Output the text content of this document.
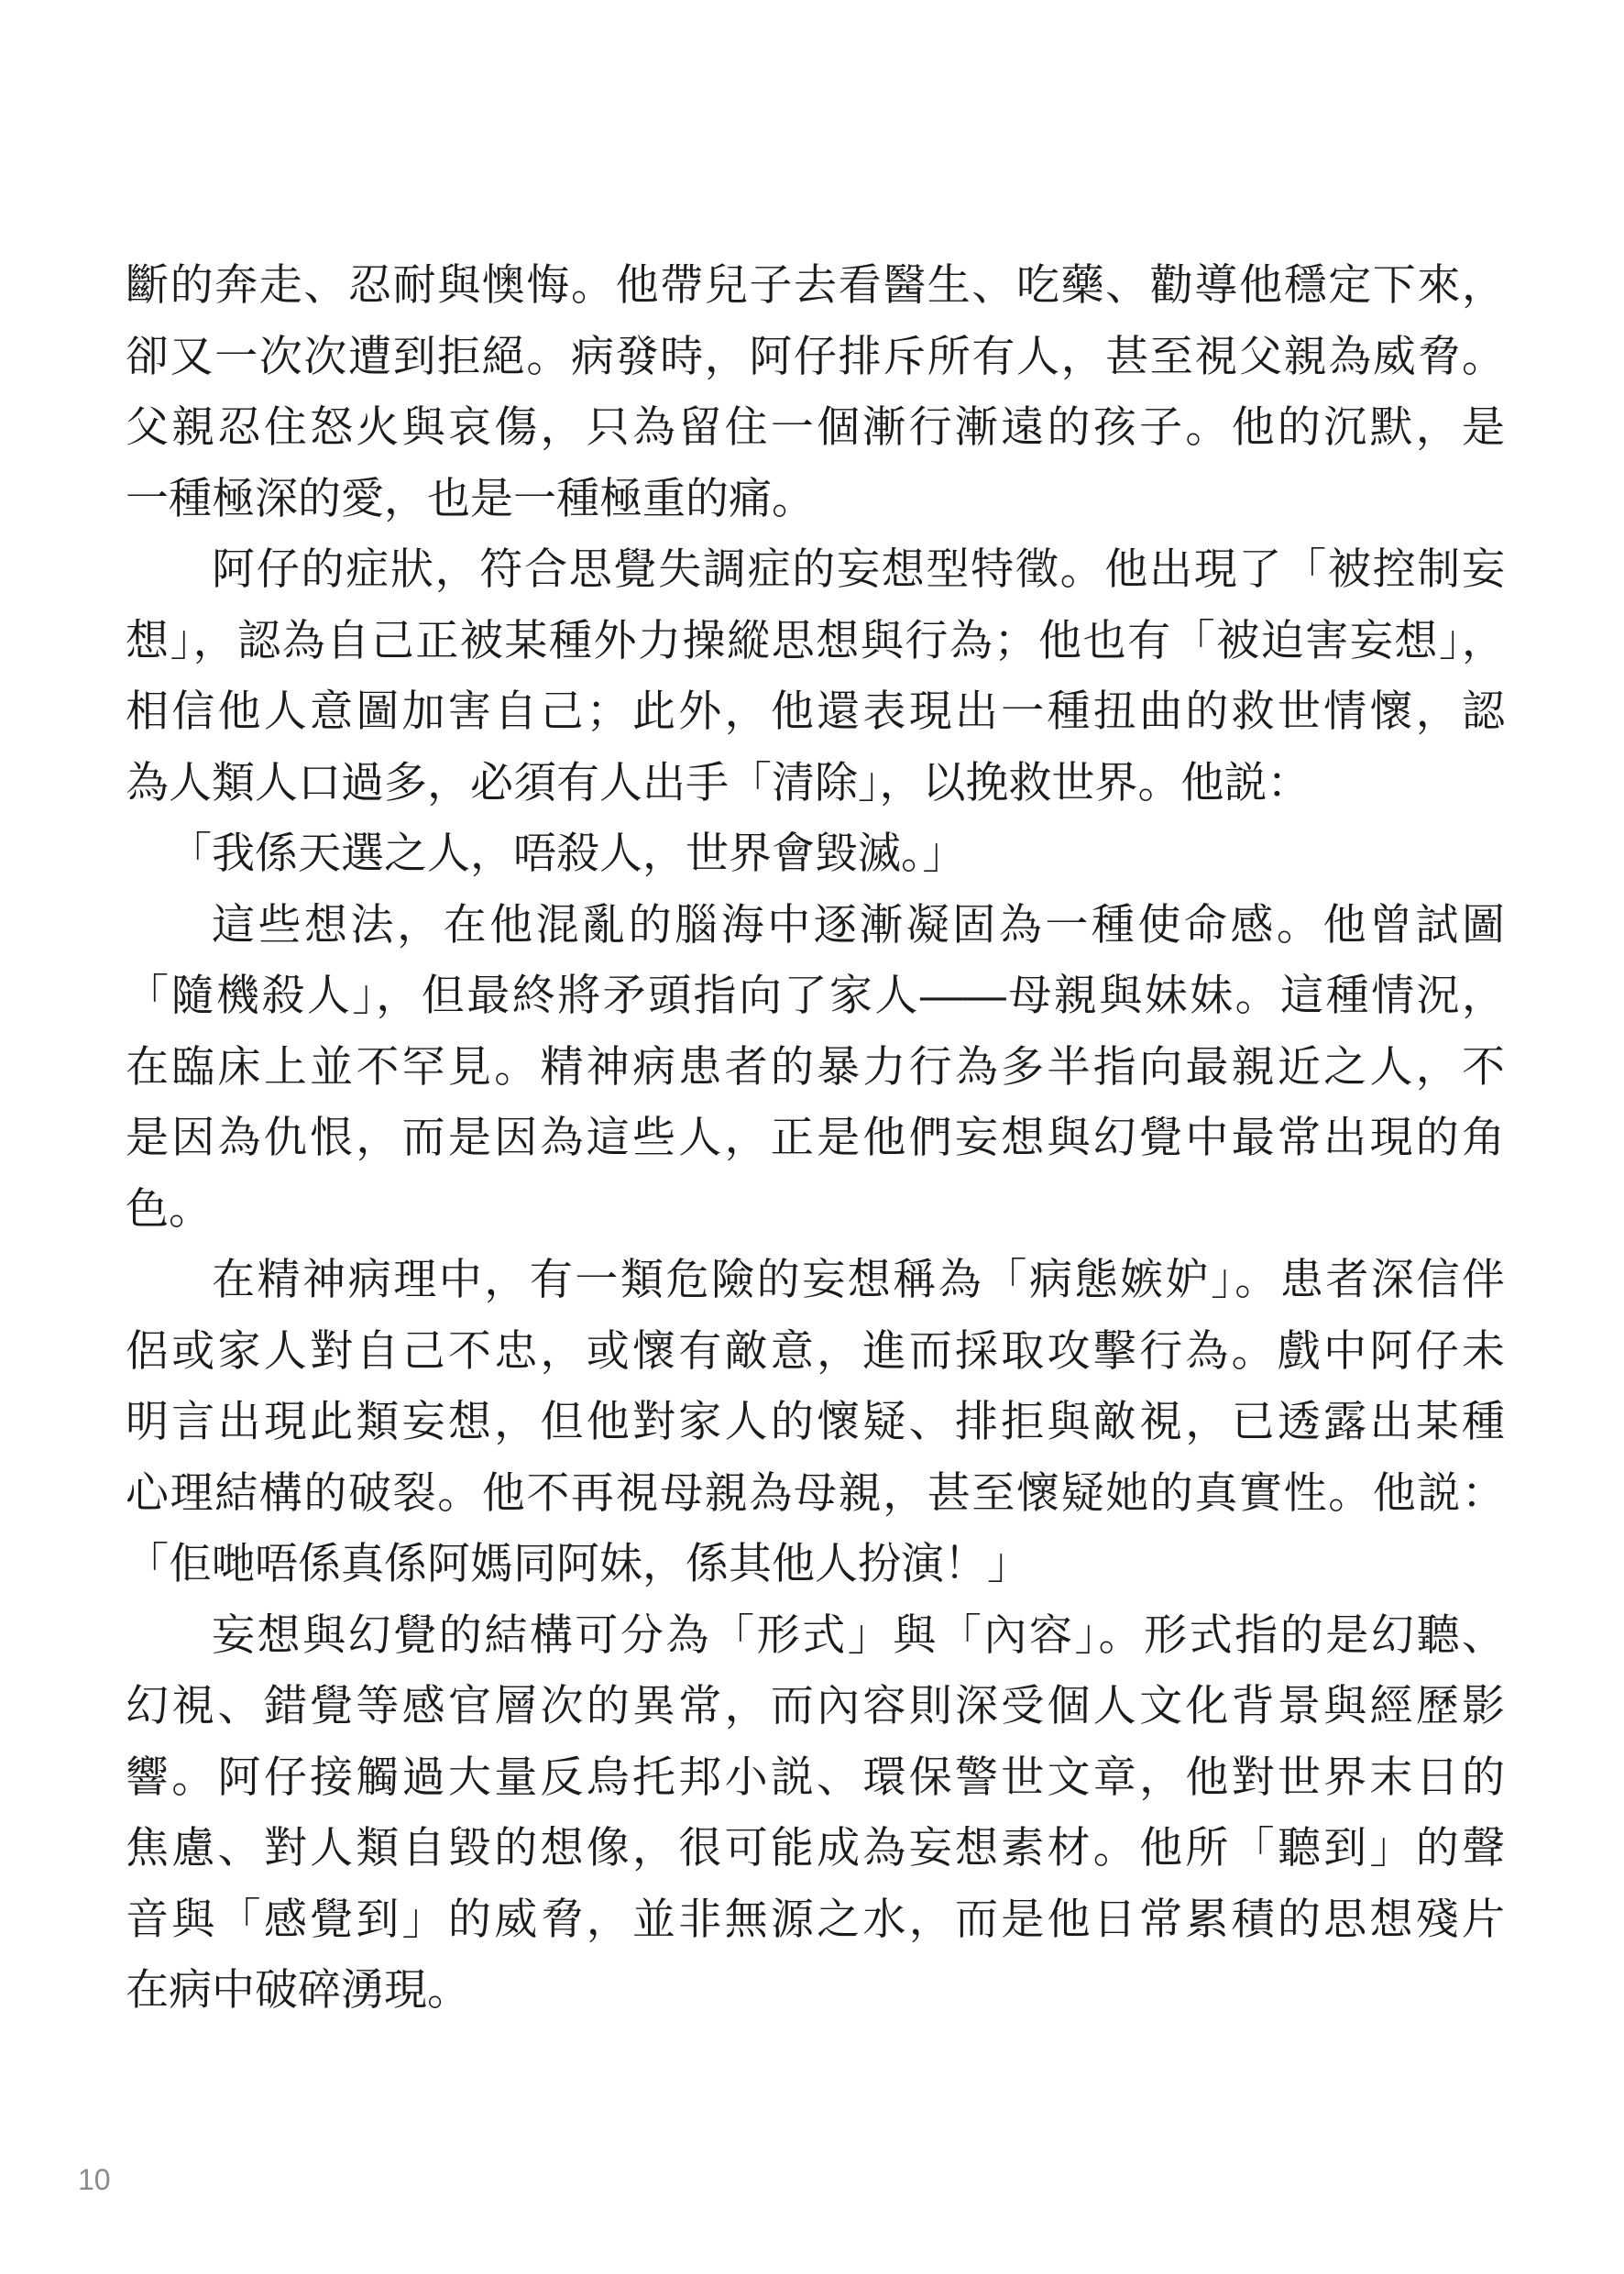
斷的奔走、忍耐與懊悔。他帶兒子去看醫生、吃藥、勸導他穩定下來，
卻又一次次遭到拒絕。病發時，阿仔排斥所有人，甚至視父親為威脅。
父親忍住怒火與哀傷，只為留住一個漸行漸遠的孩子。他的沉默，是
一種極深的愛，也是一種極重的痛。
阿仔的症狀，符合思覺失調症的妄想型特徵。他出現了「被控制妄
想」，認為自己正被某種外力操縱思想與行為；他也有「被迫害妄想」，
相信他人意圖加害自己；此外，他還表現出一種扭曲的救世情懷，認
為人類人口過多，必須有人出手「清除」，以挽救世界。他説：
「我係天選之人，唔殺人，世界會毀滅。」
這些想法，在他混亂的腦海中逐漸凝固為一種使命感。他曾試圖
「隨機殺人」，但最終將矛頭指向了家人——母親與妹妹。這種情況，
在臨床上並不罕見。精神病患者的暴力行為多半指向最親近之人，不
是因為仇恨，而是因為這些人，正是他們妄想與幻覺中最常出現的角
色。
在精神病理中，有一類危險的妄想稱為「病態嫉妒」。患者深信伴
侶或家人對自己不忠，或懷有敵意，進而採取攻擊行為。戲中阿仔未
明言出現此類妄想，但他對家人的懷疑、排拒與敵視，已透露出某種
心理結構的破裂。他不再視母親為母親，甚至懷疑她的真實性。他説：
「佢哋唔係真係阿媽同阿妹，係其他人扮演！」
妄想與幻覺的結構可分為「形式」與「內容」。形式指的是幻聽、
幻視、錯覺等感官層次的異常，而內容則深受個人文化背景與經歷影
響。阿仔接觸過大量反烏托邦小説、環保警世文章，他對世界末日的
焦慮、對人類自毀的想像，很可能成為妄想素材。他所「聽到」的聲
音與「感覺到」的威脅，並非無源之水，而是他日常累積的思想殘片
在病中破碎湧現。
10
